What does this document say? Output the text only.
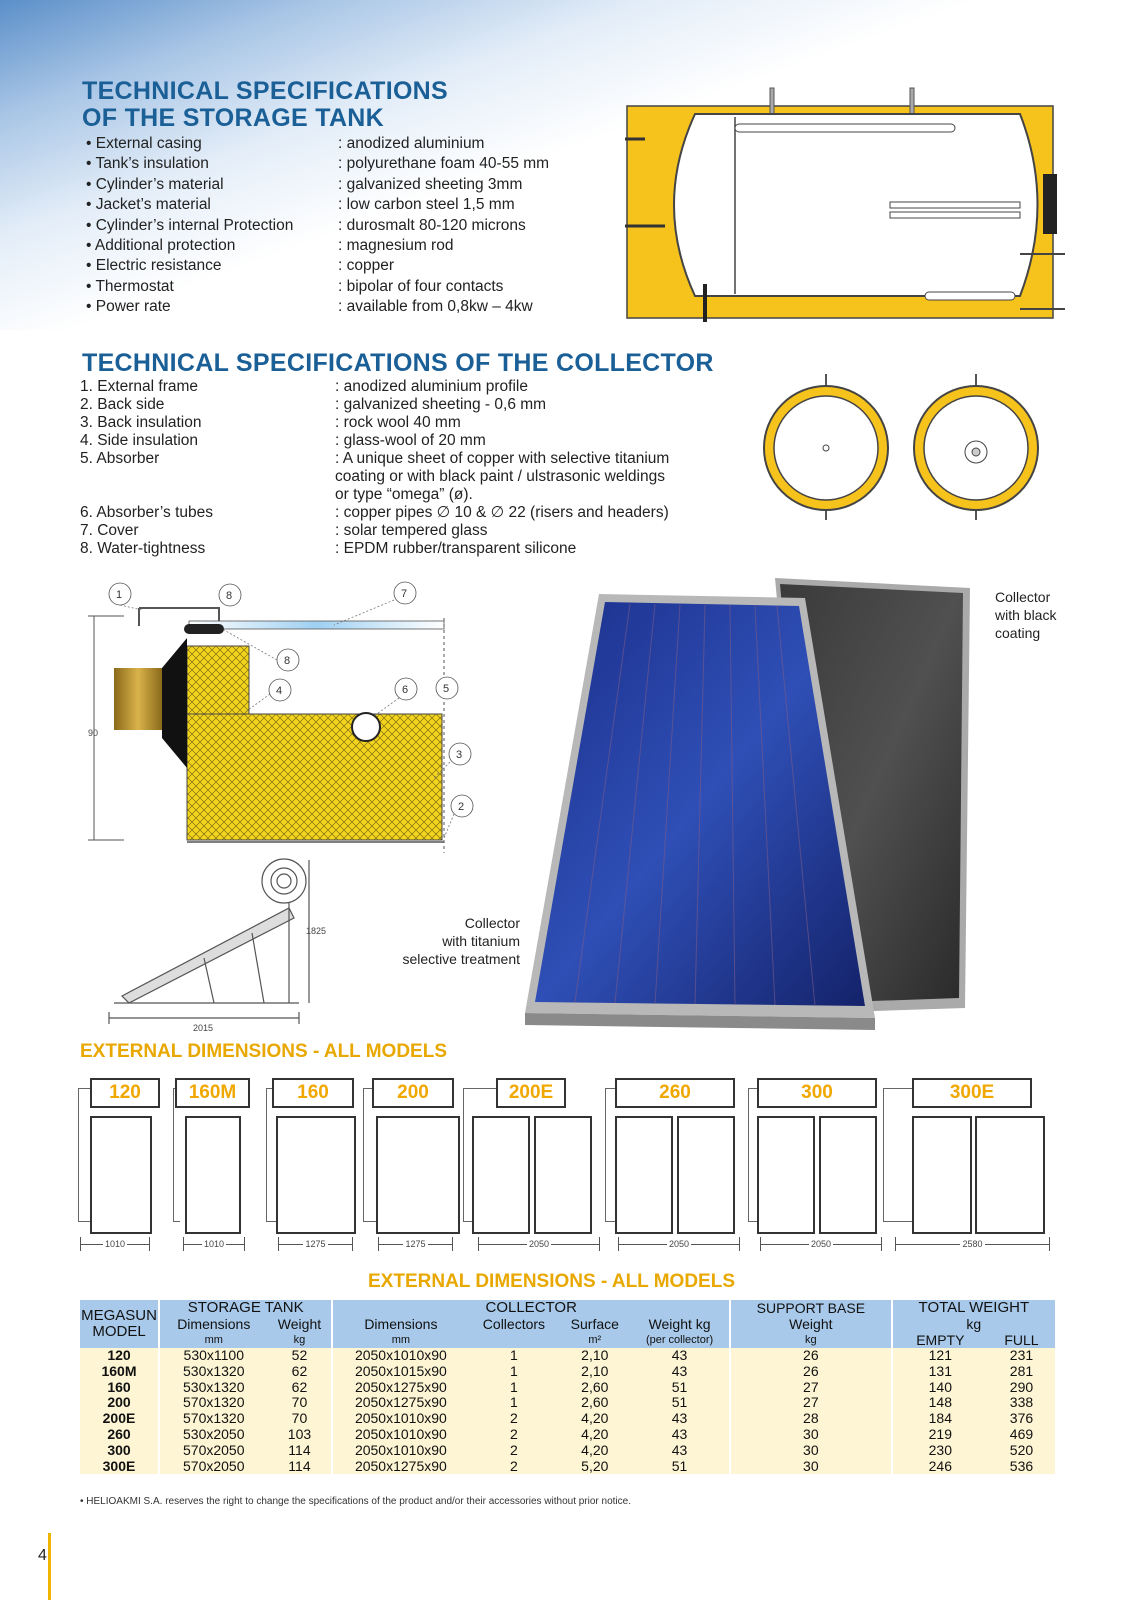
TECHNICAL SPECIFICATIONS
OF THE STORAGE TANK
• External casing	: anodized aluminium
• Tank’s insulation	: polyurethane foam 40-55 mm
• Cylinder’s material	: galvanized sheeting 3mm
• Jacket’s material	: low carbon steel 1,5 mm
• Cylinder’s internal Protection	: durosmalt 80-120 microns
• Additional protection	: magnesium rod
• Electric resistance	: copper
• Thermostat	: bipolar of four contacts
• Power rate	: available from 0,8kw – 4kw
TECHNICAL SPECIFICATIONS OF THE COLLECTOR
1. External frame	: anodized aluminium profile
2. Back side	: galvanized sheeting - 0,6 mm
3. Back insulation	: rock wool 40 mm
4. Side insulation	: glass-wool of 20 mm
5. Absorber	: A unique sheet of copper with selective titanium
coating or with black paint / ulstrasonic weldings
or type “omega” (ø).
6. Absorber’s tubes	: copper pipes ∅ 10 & ∅ 22 (risers and headers)
7. Cover	: solar tempered glass
8. Water-tightness	: EPDM rubber/transparent silicone
90
1	8	7
8
4	6	5
3
2
1825
2015
Collector
with black
coating
Collector
with titanium
selective treatment
EXTERNAL DIMENSIONS - ALL MODELS
120
1010
160M
1010
160
1275
200
1275
200E
2050
260
2050
300
2050
300E
2580
EXTERNAL DIMENSIONS - ALL MODELS
MEGASUN
MODEL	STORAGE TANK		COLLECTOR				SUPPORT BASE	TOTAL WEIGHT	
	Dimensions	Weight	Dimensions	Collectors	Surface	Weight kg	Weight	kg	
	mm	kg	mm		m²	(per collector)	kg	EMPTY	FULL
120	530x1100	52	2050x1010x90	1	2,10	43	26	121	231
160M	530x1320	62	2050x1015x90	1	2,10	43	26	131	281
160	530x1320	62	2050x1275x90	1	2,60	51	27	140	290
200	570x1320	70	2050x1275x90	1	2,60	51	27	148	338
200E	570x1320	70	2050x1010x90	2	4,20	43	28	184	376
260	530x2050	103	2050x1010x90	2	4,20	43	30	219	469
300	570x2050	114	2050x1010x90	2	4,20	43	30	230	520
300E	570x2050	114	2050x1275x90	2	5,20	51	30	246	536
• HELIOAKMI S.A. reserves the right to change the specifications of the product and/or their accessories without prior notice.
4
